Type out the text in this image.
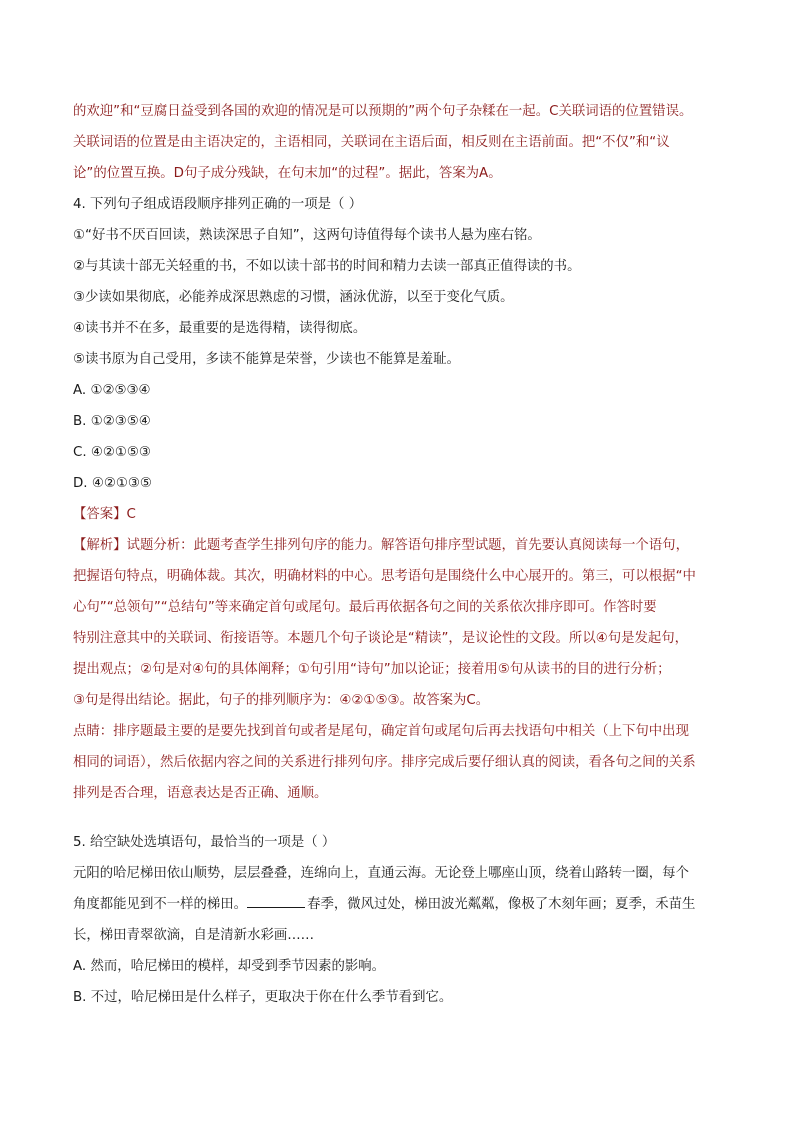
的欢迎”和“豆腐日益受到各国的欢迎的情况是可以预期的”两个句子杂糅在一起。C关联词语的位置错误。

关联词语的位置是由主语决定的，主语相同，关联词在主语后面，相反则在主语前面。把“不仅”和“议

论”的位置互换。D句子成分残缺，在句末加“的过程”。据此，答案为A。

4. 下列句子组成语段顺序排列正确的一项是（ ）

①“好书不厌百回读，熟读深思子自知”，这两句诗值得每个读书人悬为座右铭。

②与其读十部无关轻重的书，不如以读十部书的时间和精力去读一部真正值得读的书。

③少读如果彻底，必能养成深思熟虑的习惯，涵泳优游，以至于变化气质。

④读书并不在多，最重要的是选得精，读得彻底。

⑤读书原为自己受用，多读不能算是荣誉，少读也不能算是羞耻。

A. ①②⑤③④

B. ①②③⑤④

C. ④②①⑤③

D. ④②①③⑤

【答案】C

【解析】试题分析：此题考查学生排列句序的能力。解答语句排序型试题，首先要认真阅读每一个语句，

把握语句特点，明确体裁。其次，明确材料的中心。思考语句是围绕什么中心展开的。第三，可以根据“中

心句”“总领句”“总结句”等来确定首句或尾句。最后再依据各句之间的关系依次排序即可。作答时要

特别注意其中的关联词、衔接语等。本题几个句子谈论是“精读”，是议论性的文段。所以④句是发起句，

提出观点；②句是对④句的具体阐释；①句引用“诗句”加以论证；接着用⑤句从读书的目的进行分析；

③句是得出结论。据此，句子的排列顺序为：④②①⑤③。故答案为C。

点睛：排序题最主要的是要先找到首句或者是尾句，确定首句或尾句后再去找语句中相关（上下句中出现

相同的词语），然后依据内容之间的关系进行排列句序。排序完成后要仔细认真的阅读，看各句之间的关系

排列是否合理，语意表达是否正确、通顺。

5. 给空缺处选填语句，最恰当的一项是（ ）

元阳的哈尼梯田依山顺势，层层叠叠，连绵向上，直通云海。无论登上哪座山顶，绕着山路转一圈，每个

角度都能见到不一样的梯田。	春季，微风过处，梯田波光粼粼，像极了木刻年画；夏季，禾苗生

长，梯田青翠欲滴，自是清新水彩画……

A. 然而，哈尼梯田的模样，却受到季节因素的影响。

B. 不过，哈尼梯田是什么样子，更取决于你在什么季节看到它。
